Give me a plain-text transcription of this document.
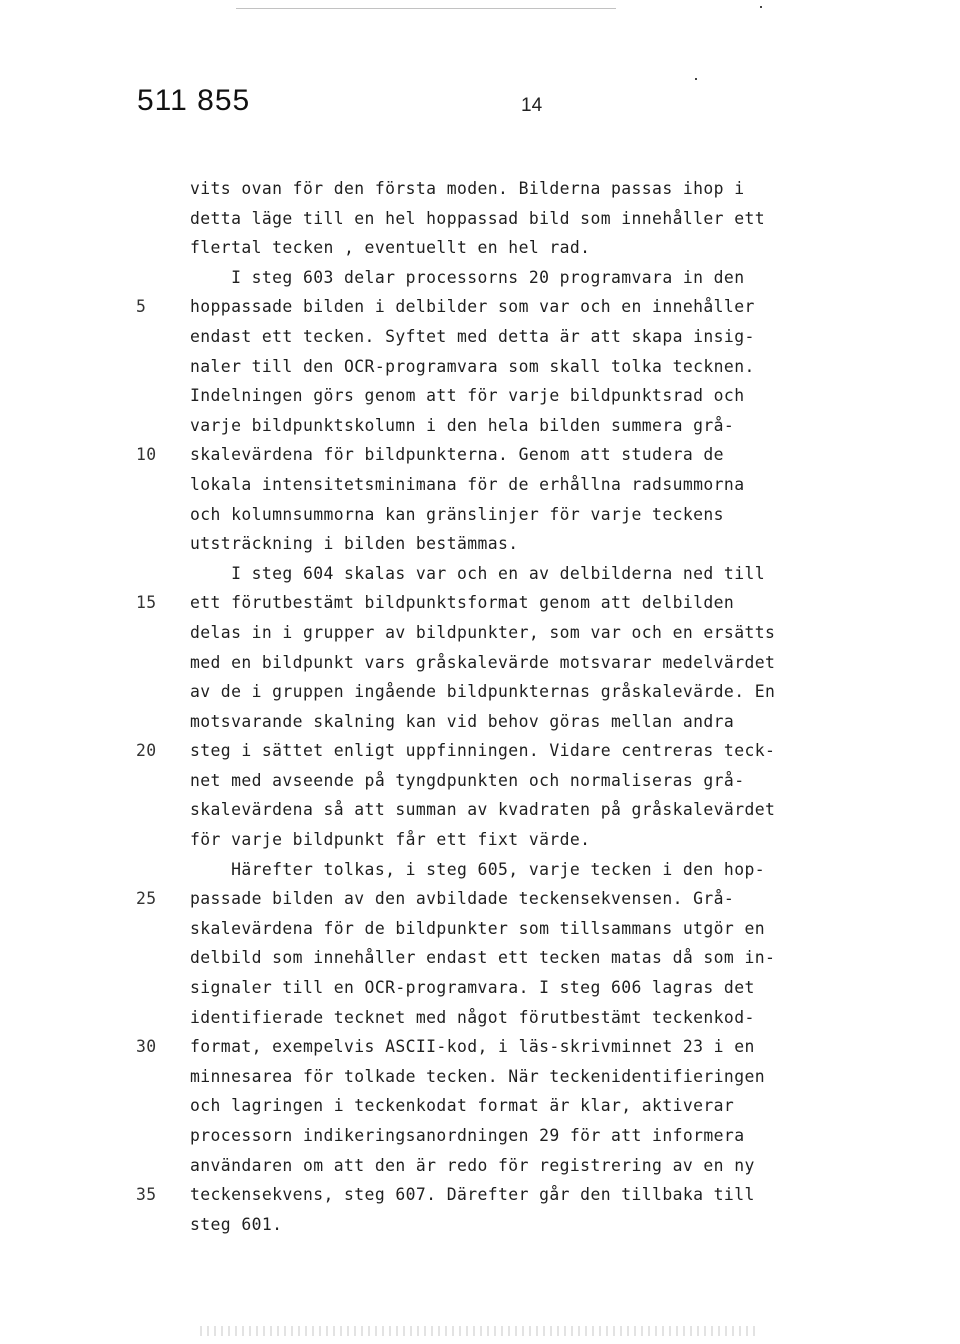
511 855	14
vits ovan för den första moden. Bilderna passas ihop i
detta läge till en hel hoppassad bild som innehåller ett
flertal tecken , eventuellt en hel rad.
I steg 603 delar processorns 20 programvara in den
5	hoppassade bilden i delbilder som var och en innehåller
endast ett tecken. Syftet med detta är att skapa insig-
naler till den OCR-programvara som skall tolka tecknen.
Indelningen görs genom att för varje bildpunktsrad och
varje bildpunktskolumn i den hela bilden summera grå-
10	skalevärdena för bildpunkterna. Genom att studera de
lokala intensitetsminimana för de erhållna radsummorna
och kolumnsummorna kan gränslinjer för varje teckens
utsträckning i bilden bestämmas.
I steg 604 skalas var och en av delbilderna ned till
15	ett förutbestämt bildpunktsformat genom att delbilden
delas in i grupper av bildpunkter, som var och en ersätts
med en bildpunkt vars gråskalevärde motsvarar medelvärdet
av de i gruppen ingående bildpunkternas gråskalevärde. En
motsvarande skalning kan vid behov göras mellan andra
20	steg i sättet enligt uppfinningen. Vidare centreras teck-
net med avseende på tyngdpunkten och normaliseras grå-
skalevärdena så att summan av kvadraten på gråskalevärdet
för varje bildpunkt får ett fixt värde.
Härefter tolkas, i steg 605, varje tecken i den hop-
25	passade bilden av den avbildade teckensekvensen. Grå-
skalevärdena för de bildpunkter som tillsammans utgör en
delbild som innehåller endast ett tecken matas då som in-
signaler till en OCR-programvara. I steg 606 lagras det
identifierade tecknet med något förutbestämt teckenkod-
30	format, exempelvis ASCII-kod, i läs-skrivminnet 23 i en
minnesarea för tolkade tecken. När teckenidentifieringen
och lagringen i teckenkodat format är klar, aktiverar
processorn indikeringsanordningen 29 för att informera
användaren om att den är redo för registrering av en ny
35	teckensekvens, steg 607. Därefter går den tillbaka till
steg 601.
